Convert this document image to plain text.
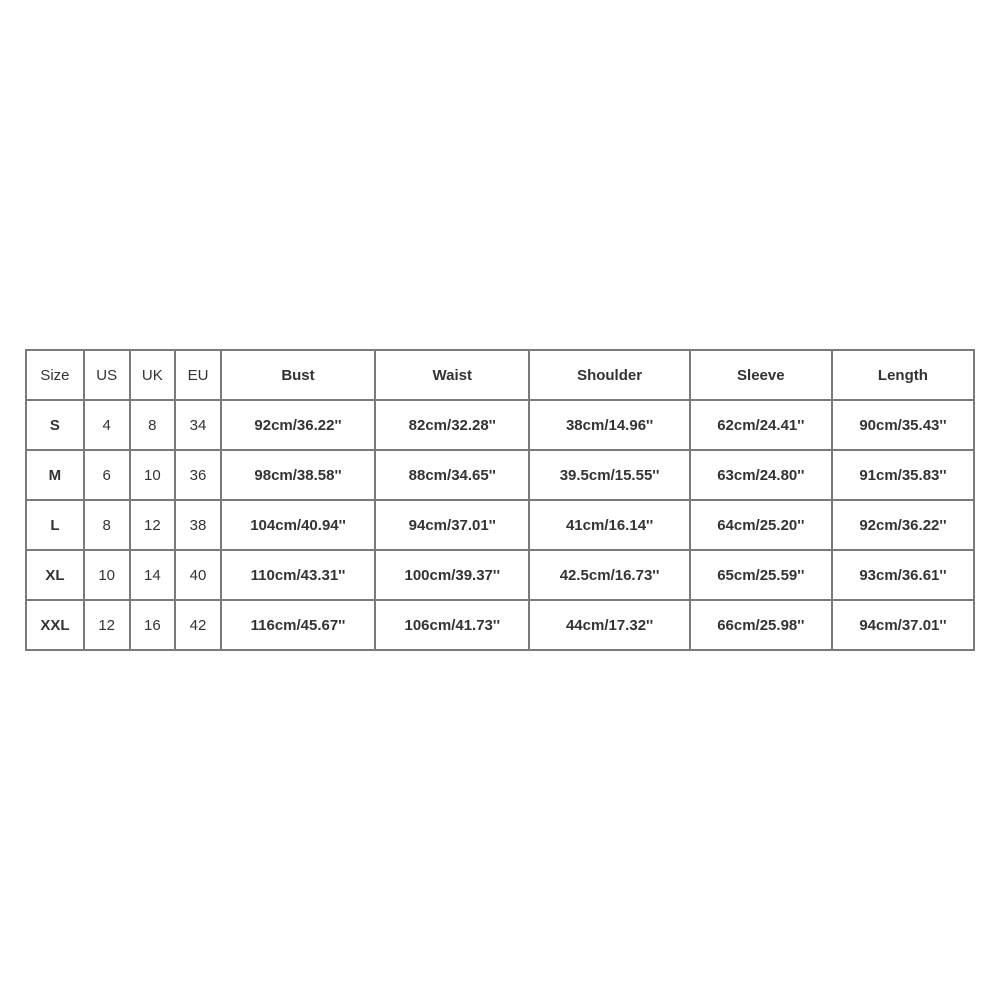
Size	US	UK	EU	Bust	Waist	Shoulder	Sleeve	Length
S	4	8	34	92cm/36.22''	82cm/32.28''	38cm/14.96''	62cm/24.41''	90cm/35.43''
M	6	10	36	98cm/38.58''	88cm/34.65''	39.5cm/15.55''	63cm/24.80''	91cm/35.83''
L	8	12	38	104cm/40.94''	94cm/37.01''	41cm/16.14''	64cm/25.20''	92cm/36.22''
XL	10	14	40	110cm/43.31''	100cm/39.37''	42.5cm/16.73''	65cm/25.59''	93cm/36.61''
XXL	12	16	42	116cm/45.67''	106cm/41.73''	44cm/17.32''	66cm/25.98''	94cm/37.01''
